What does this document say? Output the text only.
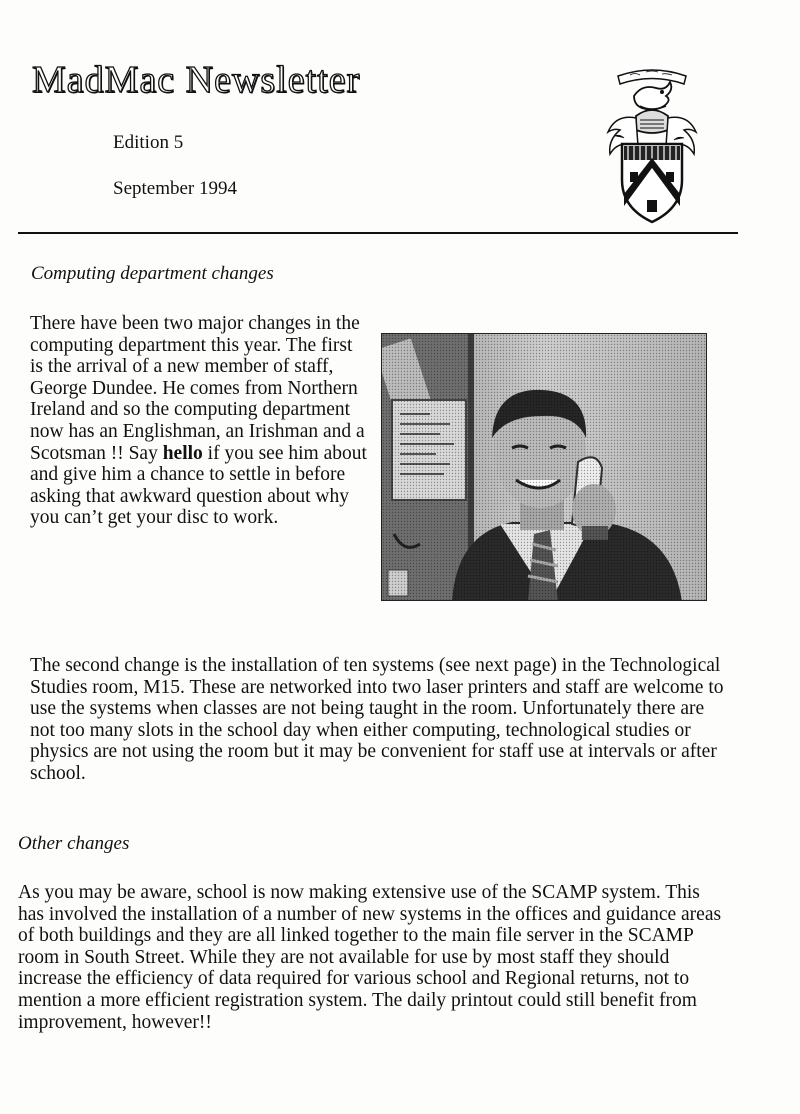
MadMac Newsletter
Edition 5
September 1994
Computing department changes
There have been two major changes in the computing department this year. The first is the arrival of a new member of staff, George Dundee. He comes from Northern Ireland and so the computing department now has an Englishman, an Irishman and a Scotsman !! Say hello if you see him about and give him a chance to settle in before asking that awkward question about why you can’t get your disc to work.
The second change is the installation of ten systems (see next page) in the Technological Studies room, M15. These are networked into two laser printers and staff are welcome to use the systems when classes are not being taught in the room. Unfortunately there are not too many slots in the school day when either computing, technological studies or physics are not using the room but it may be convenient for staff use at intervals or after school.
Other changes
As you may be aware, school is now making extensive use of the SCAMP system. This has involved the installation of a number of new systems in the offices and guidance areas of both buildings and they are all linked together to the main file server in the SCAMP room in South Street. While they are not available for use by most staff they should increase the efficiency of data required for various school and Regional returns, not to mention a more efficient registration system. The daily printout could still benefit from improvement, however!!
